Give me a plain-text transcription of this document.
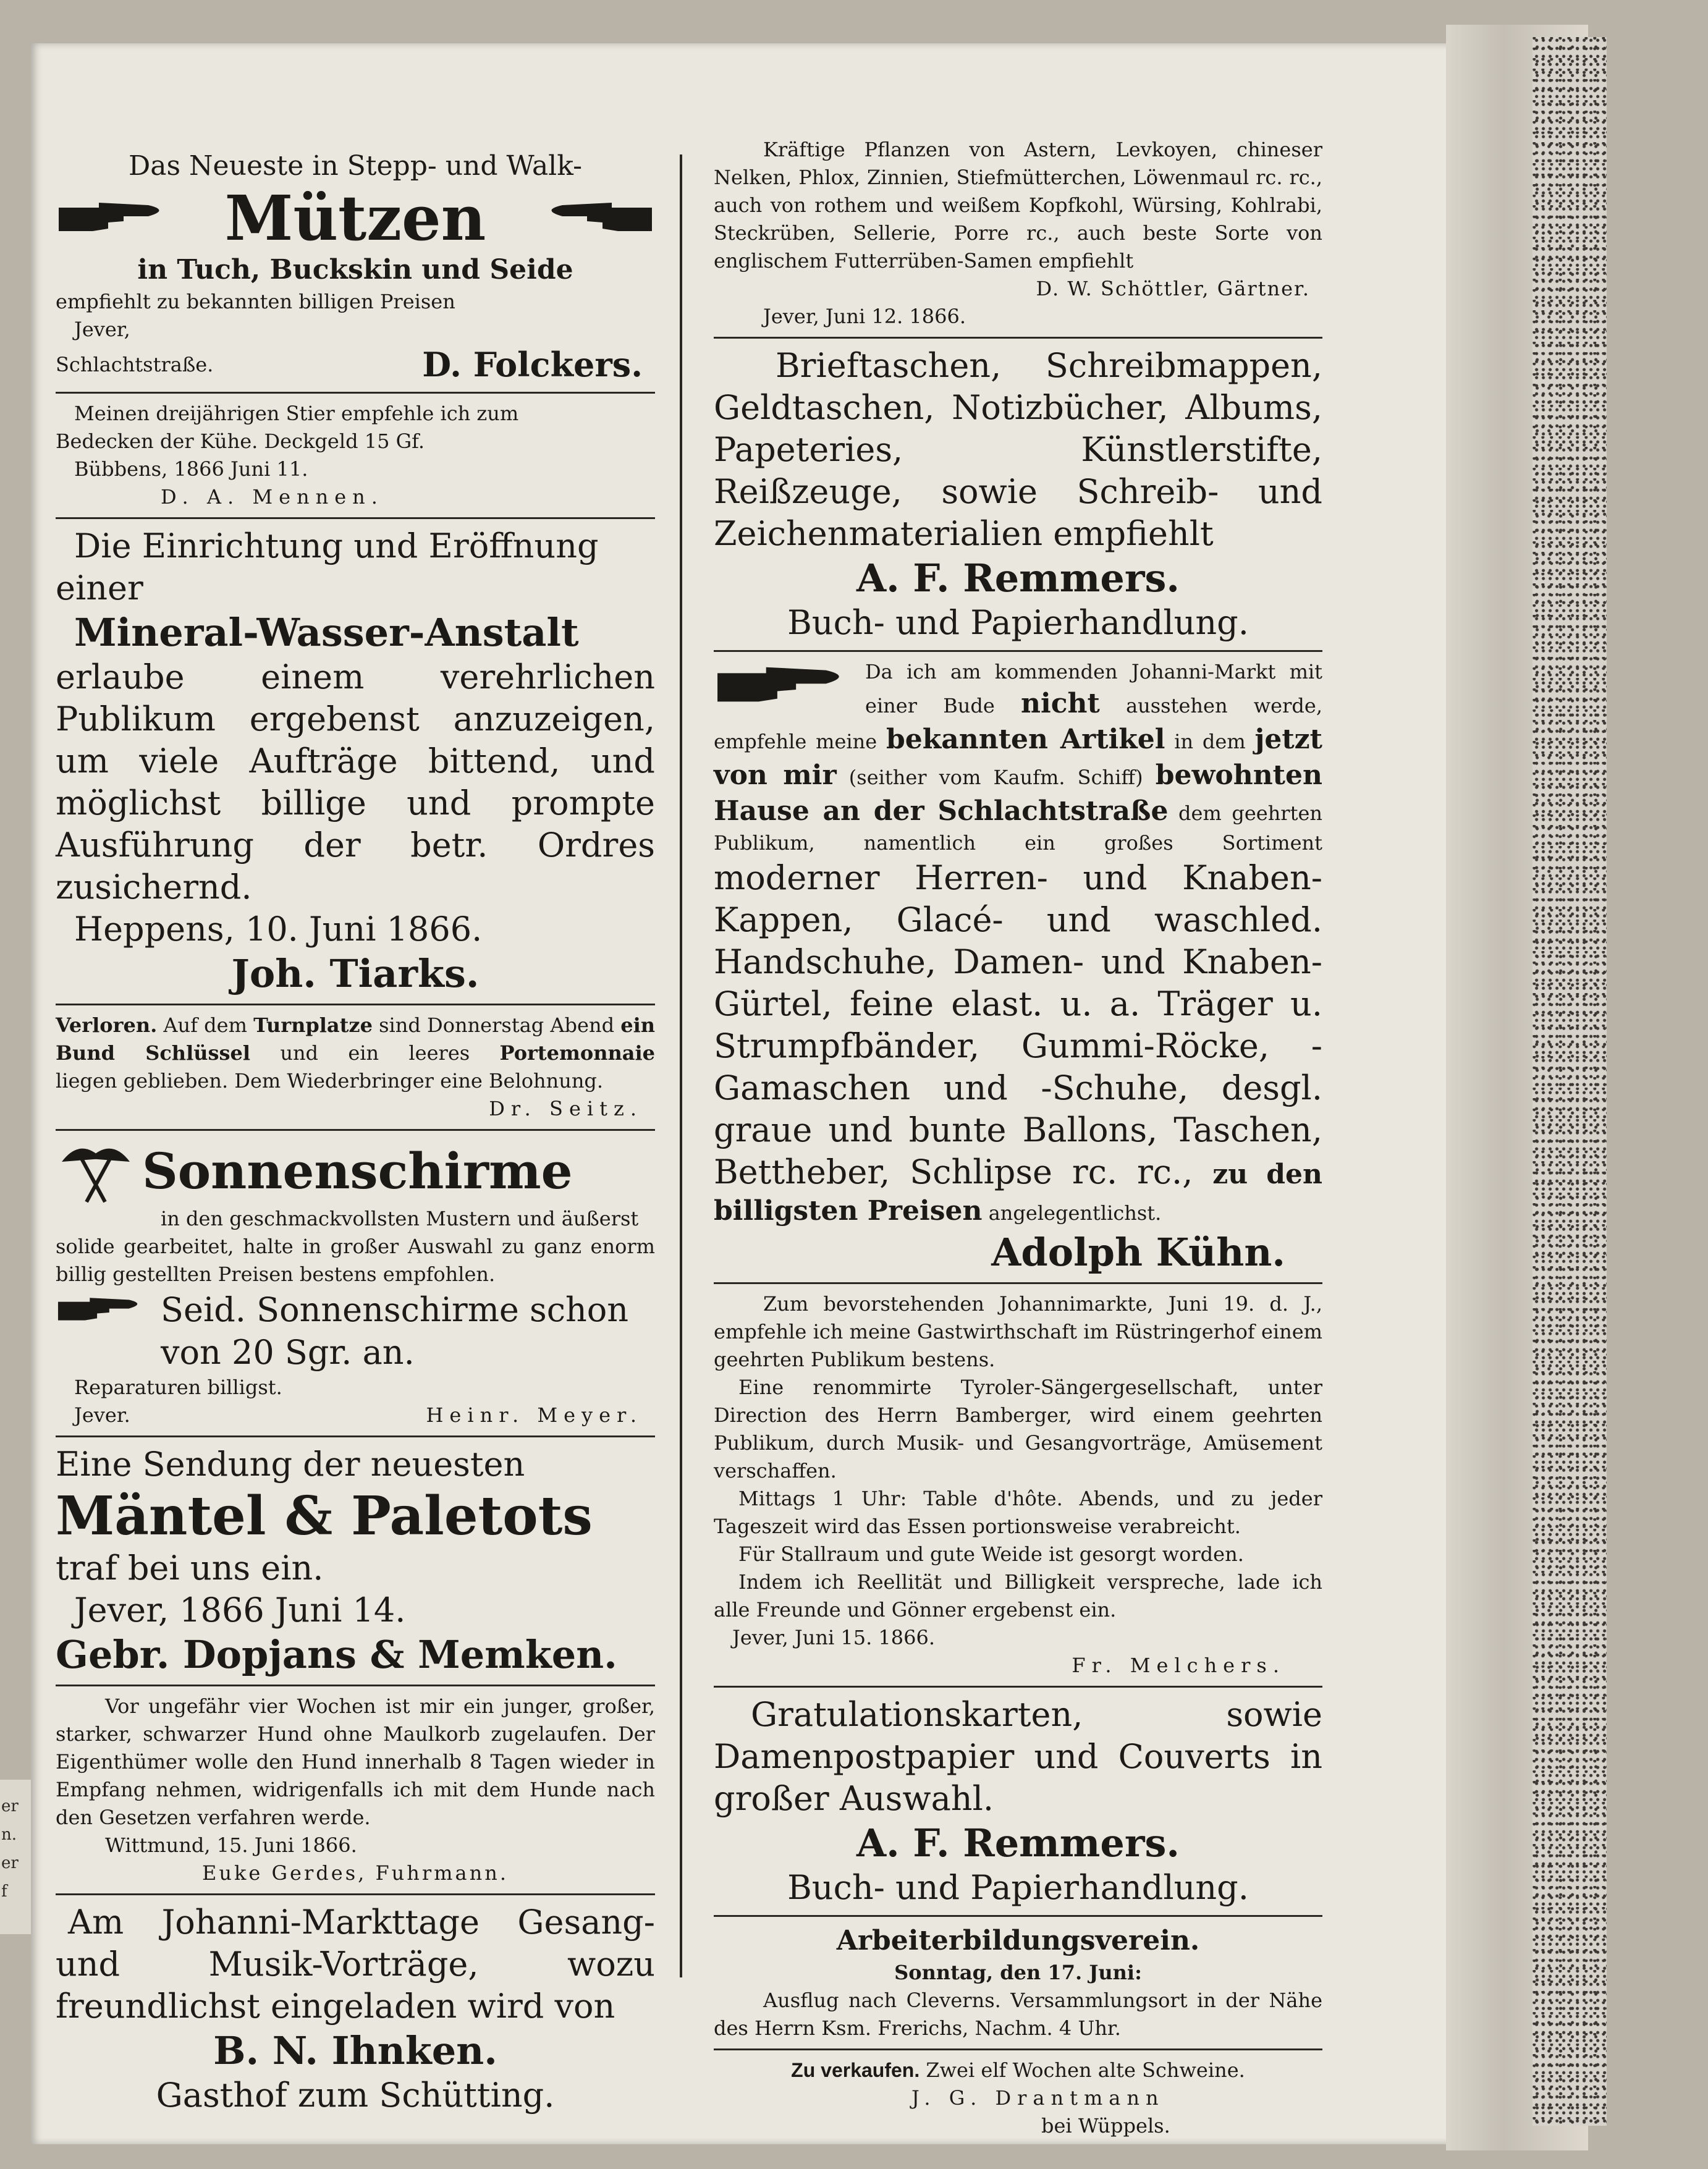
er
n.
er
f
Das Neueste in Stepp- und Walk-
Mützen
in Tuch, Buckskin und Seide
empfiehlt zu bekannten billigen Preisen
Jever,
Schlachtstraße.	D. Folckers.
Meinen dreijährigen Stier empfehle ich zum
Bedecken der Kühe. Deckgeld 15 Gf.
Bübbens, 1866 Juni 11.
D. A. Mennen.
Die Einrichtung und Eröffnung
einer
Mineral-Wasser-Anstalt
erlaube einem verehrlichen Publikum ergebenst anzuzeigen, um viele Aufträge bittend, und möglichst billige und prompte Ausführung der betr. Ordres zusichernd.
Heppens, 10. Juni 1866.
Joh. Tiarks.
Verloren. Auf dem Turnplatze sind Donnerstag Abend ein Bund Schlüssel und ein leeres Portemonnaie liegen geblieben. Dem Wiederbringer eine Belohnung.
Dr. Seitz.
Sonnenschirme
in den geschmackvollsten Mustern und äußerst
solide gearbeitet, halte in großer Auswahl zu ganz enorm billig gestellten Preisen bestens empfohlen.
Seid. Sonnenschirme schon
von 20 Sgr. an.
Reparaturen billigst.
Jever.	Heinr. Meyer.
Eine Sendung der neuesten
Mäntel & Paletots
traf bei uns ein.
Jever, 1866 Juni 14.
Gebr. Dopjans & Memken.
Vor ungefähr vier Wochen ist mir ein junger, großer, starker, schwarzer Hund ohne Maulkorb zugelaufen. Der Eigenthümer wolle den Hund innerhalb 8 Tagen wieder in Empfang nehmen, widrigenfalls ich mit dem Hunde nach den Gesetzen verfahren werde.
Wittmund, 15. Juni 1866.
Euke Gerdes, Fuhrmann.
Am Johanni-Markttage Gesang- und Musik-Vorträge, wozu freundlichst eingeladen wird von
B. N. Ihnken.
Gasthof zum Schütting.
Kräftige Pflanzen von Astern, Levkoyen, chineser Nelken, Phlox, Zinnien, Stiefmütterchen, Löwenmaul rc. rc., auch von rothem und weißem Kopfkohl, Würsing, Kohlrabi, Steckrüben, Sellerie, Porre rc., auch beste Sorte von englischem Futterrüben-Samen empfiehlt
D. W. Schöttler, Gärtner.
Jever, Juni 12. 1866.
Brieftaschen, Schreibmappen, Geldtaschen, Notizbücher, Albums, Papeteries, Künstlerstifte, Reißzeuge, sowie Schreib- und Zeichenmaterialien empfiehlt
A. F. Remmers.
Buch- und Papierhandlung.
Da ich am kommenden Johanni-Markt mit einer Bude nicht ausstehen werde, empfehle meine bekannten Artikel in dem jetzt von mir (seither vom Kaufm. Schiff) bewohnten Hause an der Schlachtstraße dem geehrten Publikum, namentlich ein großes Sortiment moderner Herren- und Knaben-Kappen, Glacé- und waschled. Handschuhe, Damen- und Knaben-Gürtel, feine elast. u. a. Träger u. Strumpfbänder, Gummi-Röcke, -Gamaschen und -Schuhe, desgl. graue und bunte Ballons, Taschen, Bettheber, Schlipse rc. rc., zu den billigsten Preisen angelegentlichst.
Adolph Kühn.
Zum bevorstehenden Johannimarkte, Juni 19. d. J., empfehle ich meine Gastwirthschaft im Rüstringerhof einem geehrten Publikum bestens.
Eine renommirte Tyroler-Sängergesellschaft, unter Direction des Herrn Bamberger, wird einem geehrten Publikum, durch Musik- und Gesangvorträge, Amüsement verschaffen.
Mittags 1 Uhr: Table d'hôte. Abends, und zu jeder Tageszeit wird das Essen portionsweise verabreicht.
Für Stallraum und gute Weide ist gesorgt worden.
Indem ich Reellität und Billigkeit verspreche, lade ich alle Freunde und Gönner ergebenst ein.
Jever, Juni 15. 1866.
Fr. Melchers.
Gratulationskarten, sowie Damenpostpapier und Couverts in großer Auswahl.
A. F. Remmers.
Buch- und Papierhandlung.
Arbeiterbildungsverein.
Sonntag, den 17. Juni:
Ausflug nach Cleverns. Versammlungsort in der Nähe des Herrn Ksm. Frerichs, Nachm. 4 Uhr.
Zu verkaufen. Zwei elf Wochen alte Schweine.
J. G. Drantmann
bei Wüppels.
